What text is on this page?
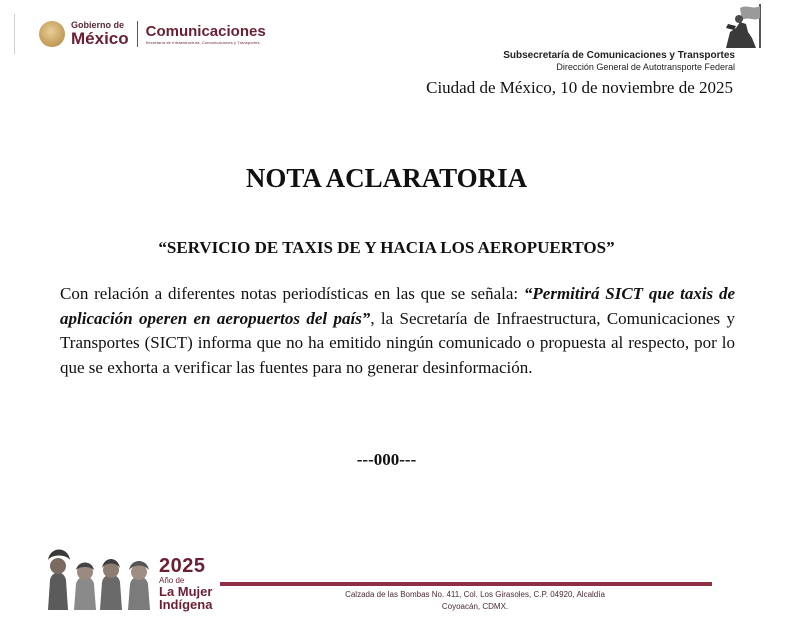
Gobierno de
México Comunicaciones
Secretaría de Infraestructura, Comunicaciones y Transportes
Subsecretaría de Comunicaciones y Transportes
Dirección General de Autotransporte Federal
Ciudad de México, 10 de noviembre de 2025
NOTA ACLARATORIA
“SERVICIO DE TAXIS DE Y HACIA LOS AEROPUERTOS”
Con relación a diferentes notas periodísticas en las que se señala: “Permitirá SICT que taxis de aplicación operen en aeropuertos del país”, la Secretaría de Infraestructura, Comunicaciones y Transportes (SICT) informa que no ha emitido ningún comunicado o propuesta al respecto, por lo que se exhorta a verificar las fuentes para no generar desinformación.
---000---
2025
Año de
La Mujer
Indígena
Calzada de las Bombas No. 411, Col. Los Girasoles, C.P. 04920, Alcaldía
Coyoacán, CDMX.
